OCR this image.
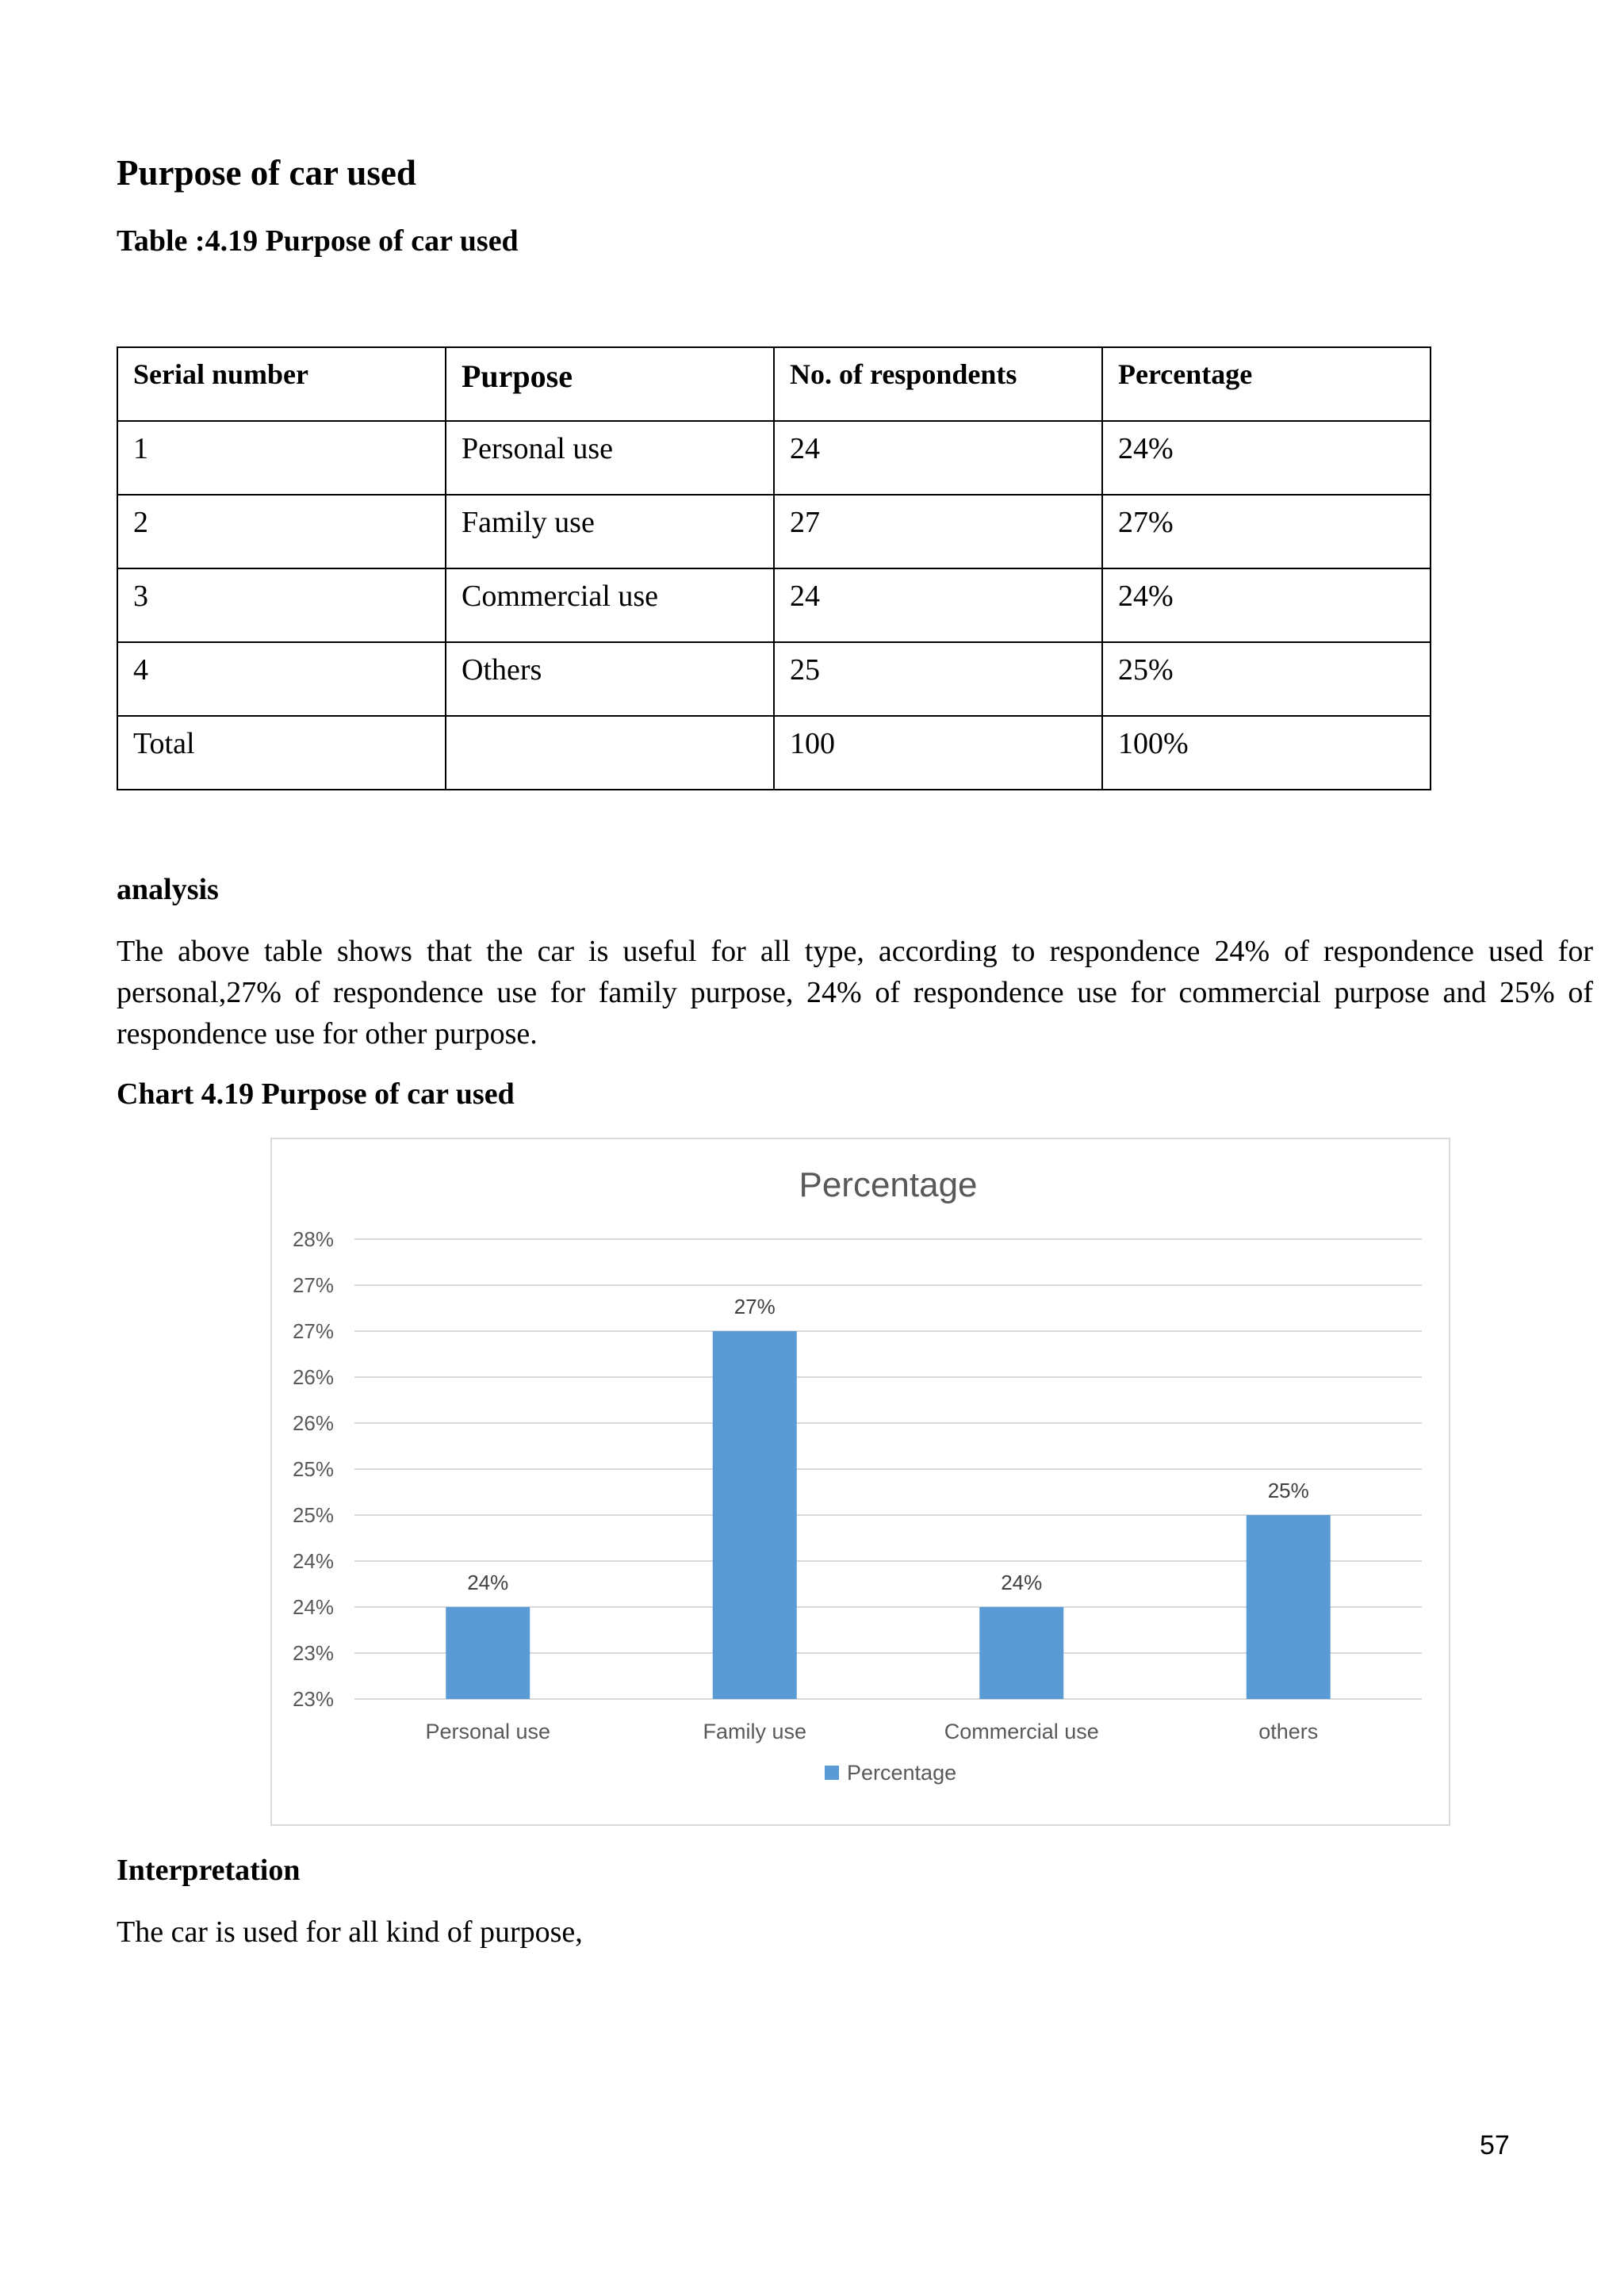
Purpose of car used
Table :4.19 Purpose of car used
Serial number	Purpose	No. of respondents	Percentage
1	Personal use	24	24%
2	Family use	27	27%
3	Commercial use	24	24%
4	Others	25	25%
Total		100	100%
analysis
The above table shows that the car is useful for all type, according to respondence 24% of respondence used for personal,27% of respondence use for family purpose, 24% of respondence use for commercial purpose and 25% of respondence use for other purpose.
Chart 4.19 Purpose of car used
Percentage
23%
23%
24%
24%
25%
25%
26%
26%
27%
27%
28%
24%
Personal use
27%
Family use
24%
Commercial use
25%
others
Percentage
Interpretation
The car is used for all kind of purpose,
57
